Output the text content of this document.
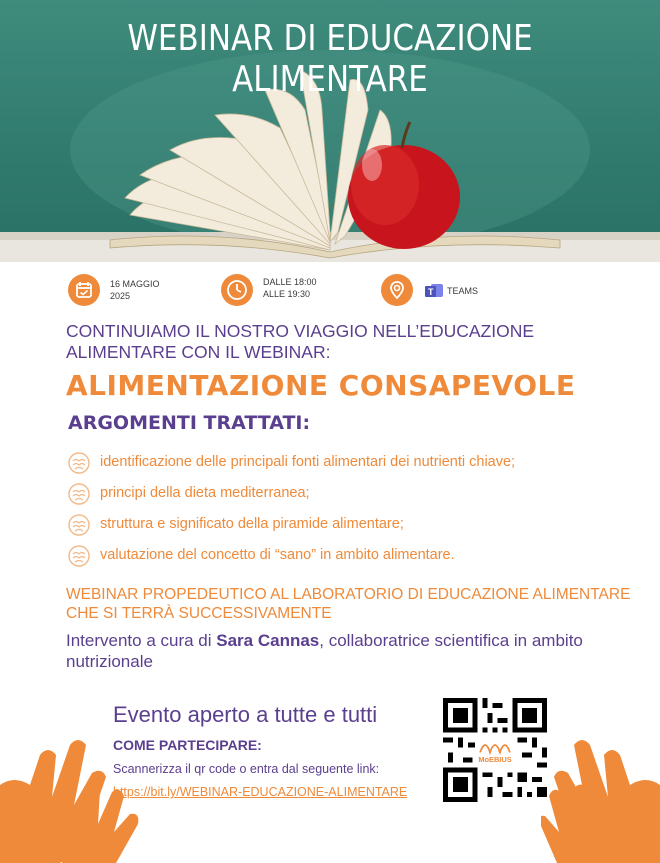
WEBINAR DI EDUCAZIONE ALIMENTARE
16 MAGGIO
2025
DALLE 18:00
ALLE 19:30	T TEAMS
CONTINUIAMO IL NOSTRO VIAGGIO NELL’EDUCAZIONE ALIMENTARE CON IL WEBINAR:
ALIMENTAZIONE CONSAPEVOLE
ARGOMENTI TRATTATI:
identificazione delle principali fonti alimentari dei nutrienti chiave;
principi della dieta mediterranea;
struttura e significato della piramide alimentare;
valutazione del concetto di “sano” in ambito alimentare.
WEBINAR PROPEDEUTICO AL LABORATORIO DI EDUCAZIONE ALIMENTARE CHE SI TERRÀ SUCCESSIVAMENTE
Intervento a cura di Sara Cannas, collaboratrice scientifica in ambito nutrizionale
Evento aperto a tutte e tutti
COME PARTECIPARE:
Scannerizza il qr code o entra dal seguente link:
https://bit.ly/WEBINAR-EDUCAZIONE-ALIMENTARE
MoEBIUS
